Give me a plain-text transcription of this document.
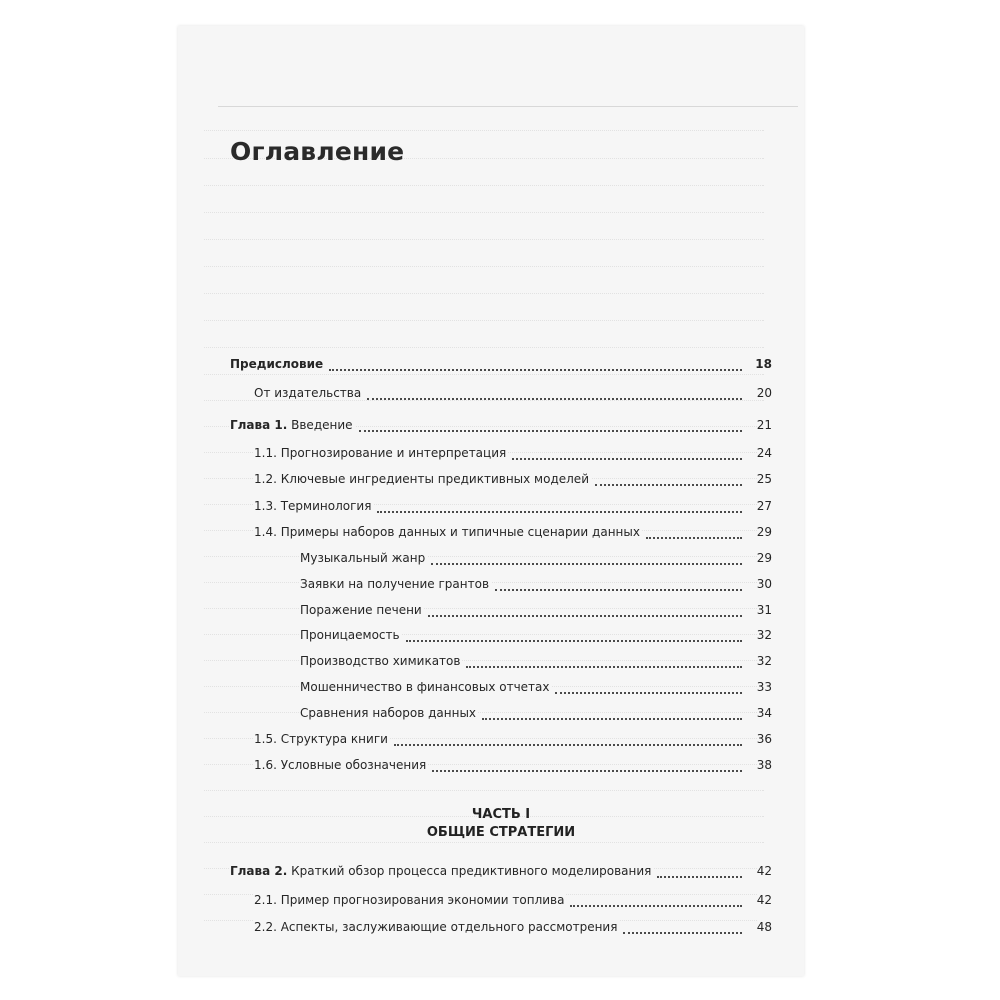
Оглавление
Предисловие	18
От издательства	20
Глава 1. Введение	21
1.1. Прогнозирование и интерпретация	24
1.2. Ключевые ингредиенты предиктивных моделей	25
1.3. Терминология	27
1.4. Примеры наборов данных и типичные сценарии данных	29
Музыкальный жанр	29
Заявки на получение грантов	30
Поражение печени	31
Проницаемость	32
Производство химикатов	32
Мошенничество в финансовых отчетах	33
Сравнения наборов данных	34
1.5. Структура книги	36
1.6. Условные обозначения	38
ЧАСТЬ I
ОБЩИЕ СТРАТЕГИИ
Глава 2. Краткий обзор процесса предиктивного моделирования	42
2.1. Пример прогнозирования экономии топлива	42
2.2. Аспекты, заслуживающие отдельного рассмотрения	48
